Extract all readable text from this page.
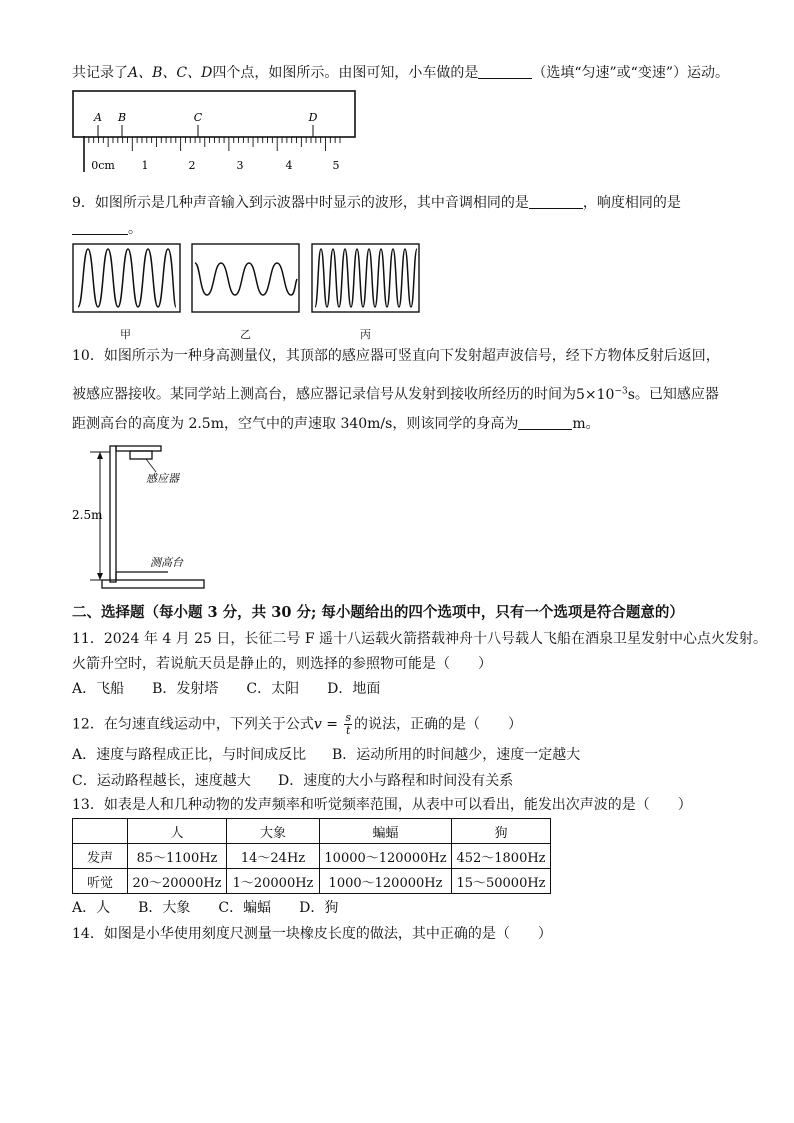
共记录了A、B、C、D四个点，如图所示。由图可知，小车做的是	（选填“匀速”或“变速”）运动。
A B	C	D
0cm 1	2	3	4	5
9．如图所示是几种声音输入到示波器中时显示的波形，其中音调相同的是	，响度相同的是
。
甲	乙	丙
10．如图所示为一种身高测量仪，其顶部的感应器可竖直向下发射超声波信号，经下方物体反射后返回，
被感应器接收。某同学站上测高台，感应器记录信号从发射到接收所经历的时间为$5\times 10^{-3}s$。已知感应器
距测高台的高度为 2.5m，空气中的声速取 340m/s，则该同学的身高为	m。
2.5m
感应器
测高台
二、选择题（每小题 3 分，共 30 分; 每小题给出的四个选项中，只有一个选项是符合题意的）
11．2024 年 4 月 25 日，长征二号 F 遥十八运载火箭搭载神舟十八号载人飞船在酒泉卫星发射中心点火发射。
火箭升空时，若说航天员是静止的，则选择的参照物可能是（　　）
A．飞船　　B．发射塔　　C．太阳　　D．地面
12．在匀速直线运动中，下列关于公式$v = \frac{s}{t}$ 的说法，正确的是（　　）
A．速度与路程成正比，与时间成反比 B．运动所用的时间越少，速度一定越大
C．运动路程越长，速度越大 D．速度的大小与路程和时间没有关系
13．如表是人和几种动物的发声频率和听觉频率范围，从表中可以看出，能发出次声波的是（　　）
	人	大象	蝙蝠	狗
发声	85～1100Hz	14～24Hz	10000～120000Hz	452～1800Hz
听觉	20～20000Hz	1～20000Hz	1000～120000Hz	15～50000Hz
A．人　　B．大象　　C．蝙蝠　　D．狗
14．如图是小华使用刻度尺测量一块橡皮长度的做法，其中正确的是（　　）
